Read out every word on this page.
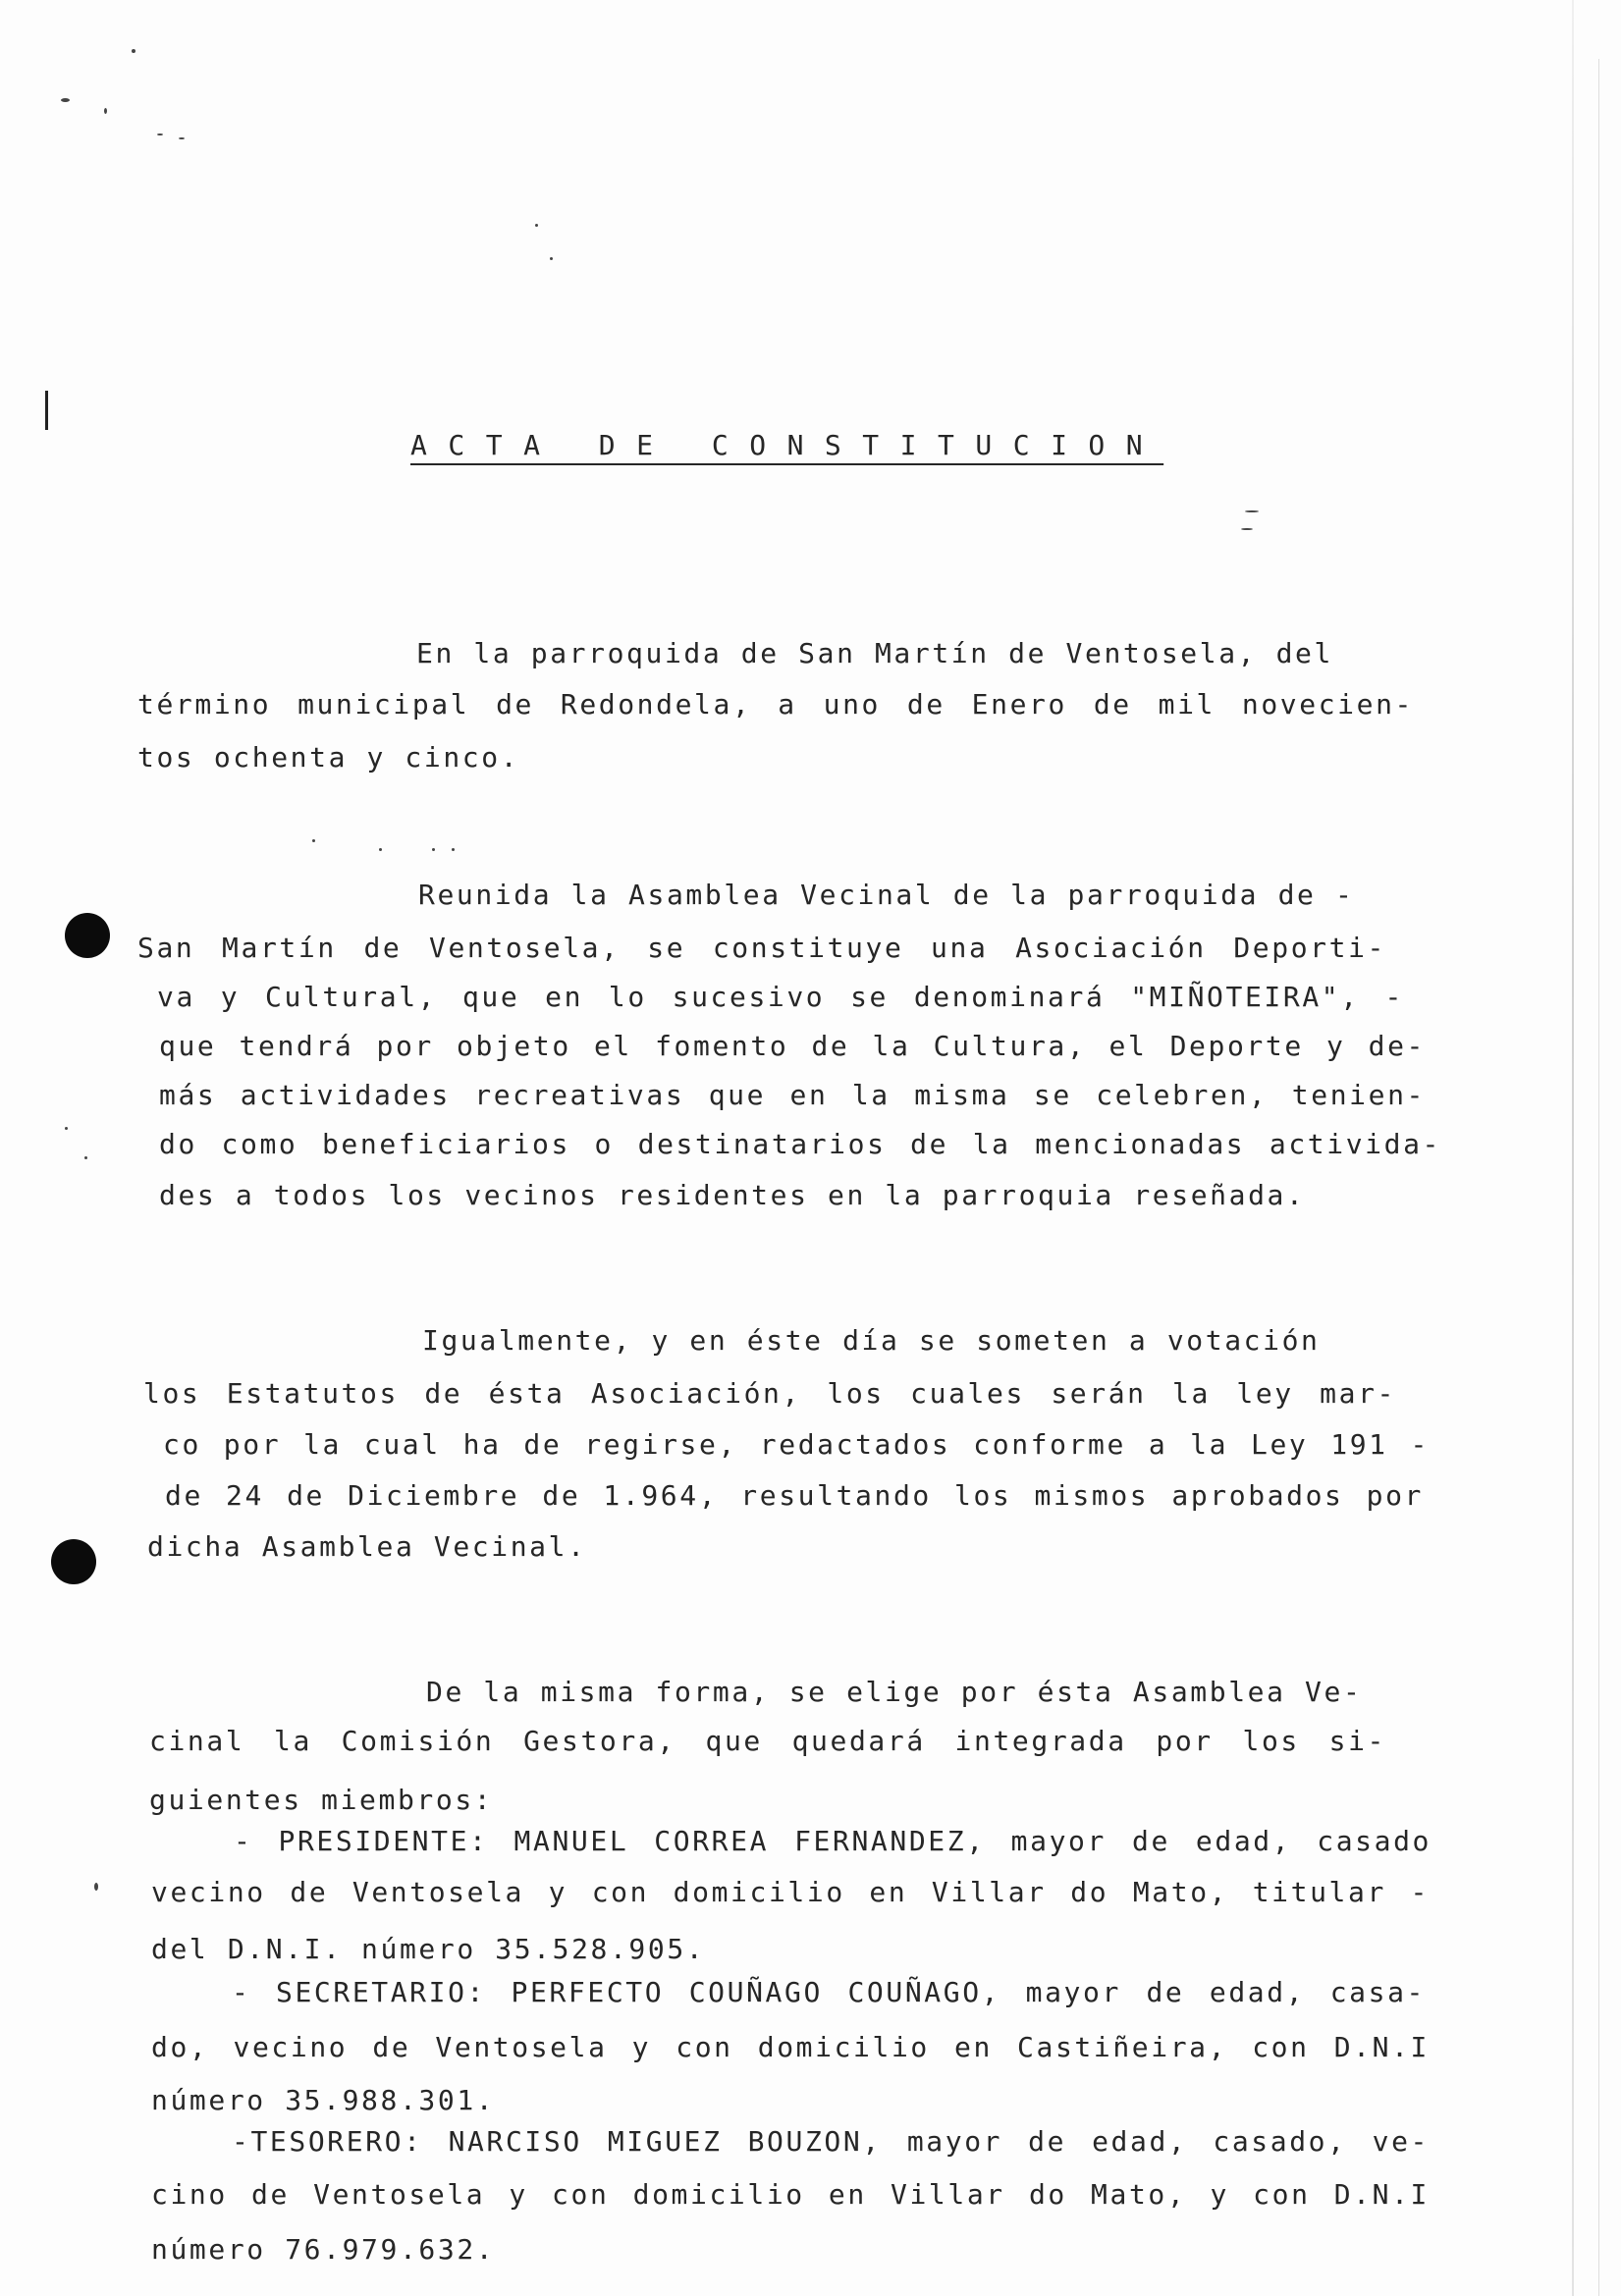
ACTA DE CONSTITUCION
En la parroquida de San Martín de Ventosela, del
término municipal de Redondela, a uno de Enero de mil novecien-
tos ochenta y cinco.
Reunida la Asamblea Vecinal de la parroquida de -
San Martín de Ventosela, se constituye una Asociación Deporti-
va y Cultural, que en lo sucesivo se denominará "MIÑOTEIRA", -
que tendrá por objeto el fomento de la Cultura, el Deporte y de-
más actividades recreativas que en la misma se celebren, tenien-
do como beneficiarios o destinatarios de la mencionadas activida-
des a todos los vecinos residentes en la parroquia reseñada.
Igualmente, y en éste día se someten a votación
los Estatutos de ésta Asociación, los cuales serán la ley mar-
co por la cual ha de regirse, redactados conforme a la Ley 191 -
de 24 de Diciembre de 1.964, resultando los mismos aprobados por
dicha Asamblea Vecinal.
De la misma forma, se elige por ésta Asamblea Ve-
cinal la Comisión Gestora, que quedará integrada por los si-
guientes miembros:
- PRESIDENTE: MANUEL CORREA FERNANDEZ, mayor de edad, casado
vecino de Ventosela y con domicilio en Villar do Mato, titular -
del D.N.I. número 35.528.905.
- SECRETARIO: PERFECTO COUÑAGO COUÑAGO, mayor de edad, casa-
do, vecino de Ventosela y con domicilio en Castiñeira, con D.N.I
número 35.988.301.
-TESORERO: NARCISO MIGUEZ BOUZON, mayor de edad, casado, ve-
cino de Ventosela y con domicilio en Villar do Mato, y con D.N.I
número 76.979.632.
